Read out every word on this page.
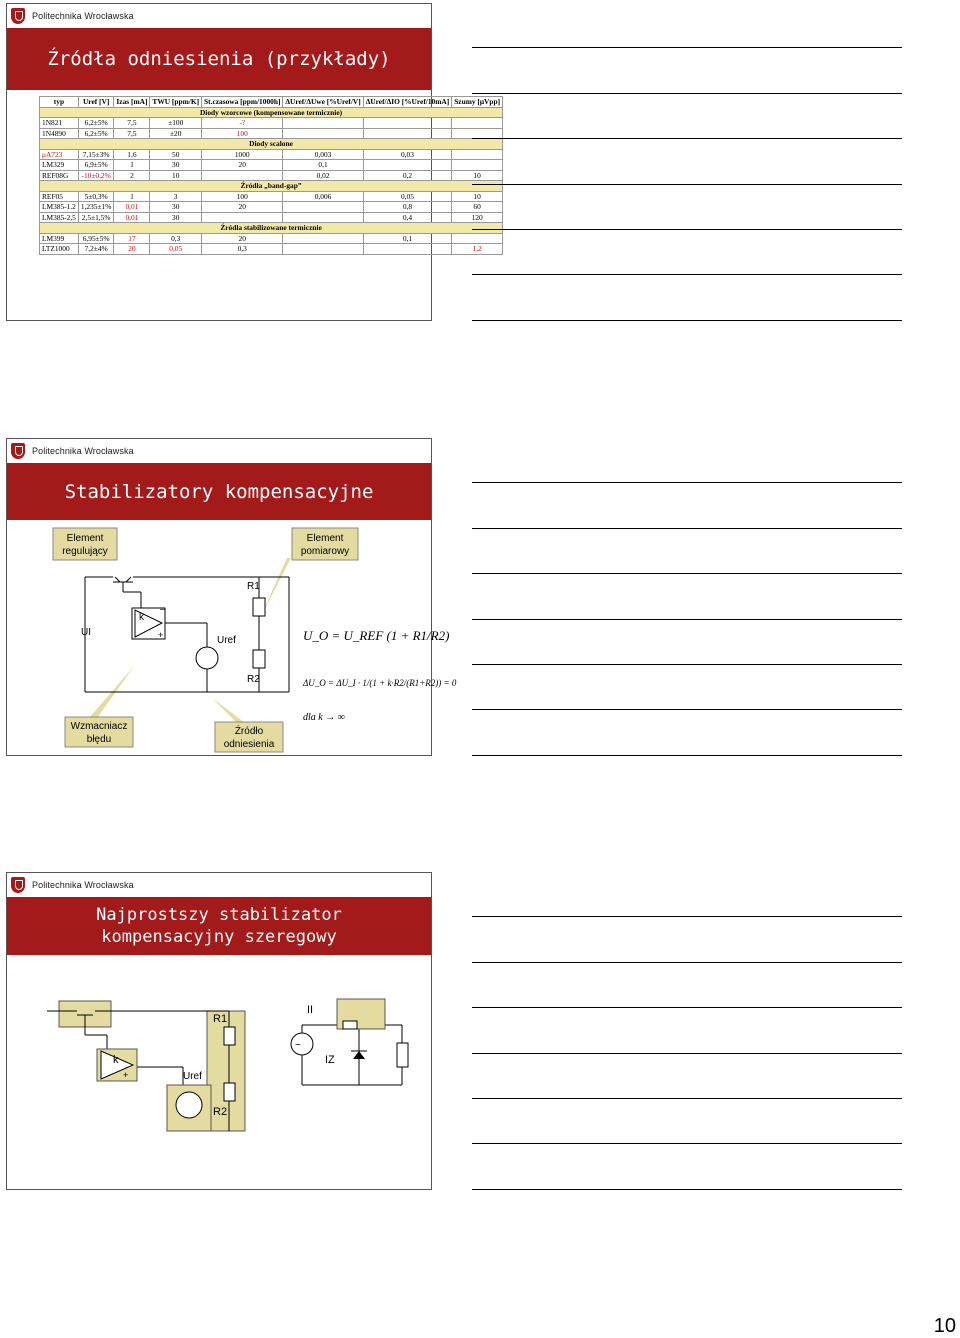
Politechnika Wrocławska
Źródła odniesienia (przykłady)
typ	Uref [V]	Izas [mA]	TWU [ppm/K]	St.czasowa [ppm/1000h]	ΔUref/ΔUwe [%Uref/V]	ΔUref/ΔIO [%Uref/10mA]	Szumy [μVpp]
Diody wzorcowe (kompensowane termicznie)							
1N821	6,2±5%	7,5	±100	-?			
1N4890	6,2±5%	7,5	±20	100			
Diody scalone							
μA723	7,15±3%	1,6	50	1000	0,003	0,03	
LM329	6,9±5%	1	30	20	0,1		
REF08G	-10±0,2%	2	10		0,02	0,2	10
Źródła „band-gap”							
REF05	5±0,3%	1	3	100	0,006	0,05	10
LM385-1.2	1,235±1%	0,01	30	20		0,8	60
LM385-2,5	2,5±1,5%	0,01	30			0,4	120
Źródła stabilizowane termicznie							
LM399	6,95±5%	17	0,3	20		0,1	
LTZ1000	7,2±4%	20	0,05	0,3			1,2
Politechnika Wrocławska
Stabilizatory kompensacyjne
Element
regulujący
Element
pomiarowy
Wzmacniacz
błędu
Źródło
odniesienia
k
–
+
R1
R2
Uref
UI	U_O = U_REF (1 + R1/R2)
ΔU_O = ΔU_I · 1/(1 + k·R2/(R1+R2)) = 0
dla k → ∞
Politechnika Wrocławska
Najprostszy stabilizator
kompensacyjny szeregowy
k
+	Uref
R1
R2
~
II
IZ
10
